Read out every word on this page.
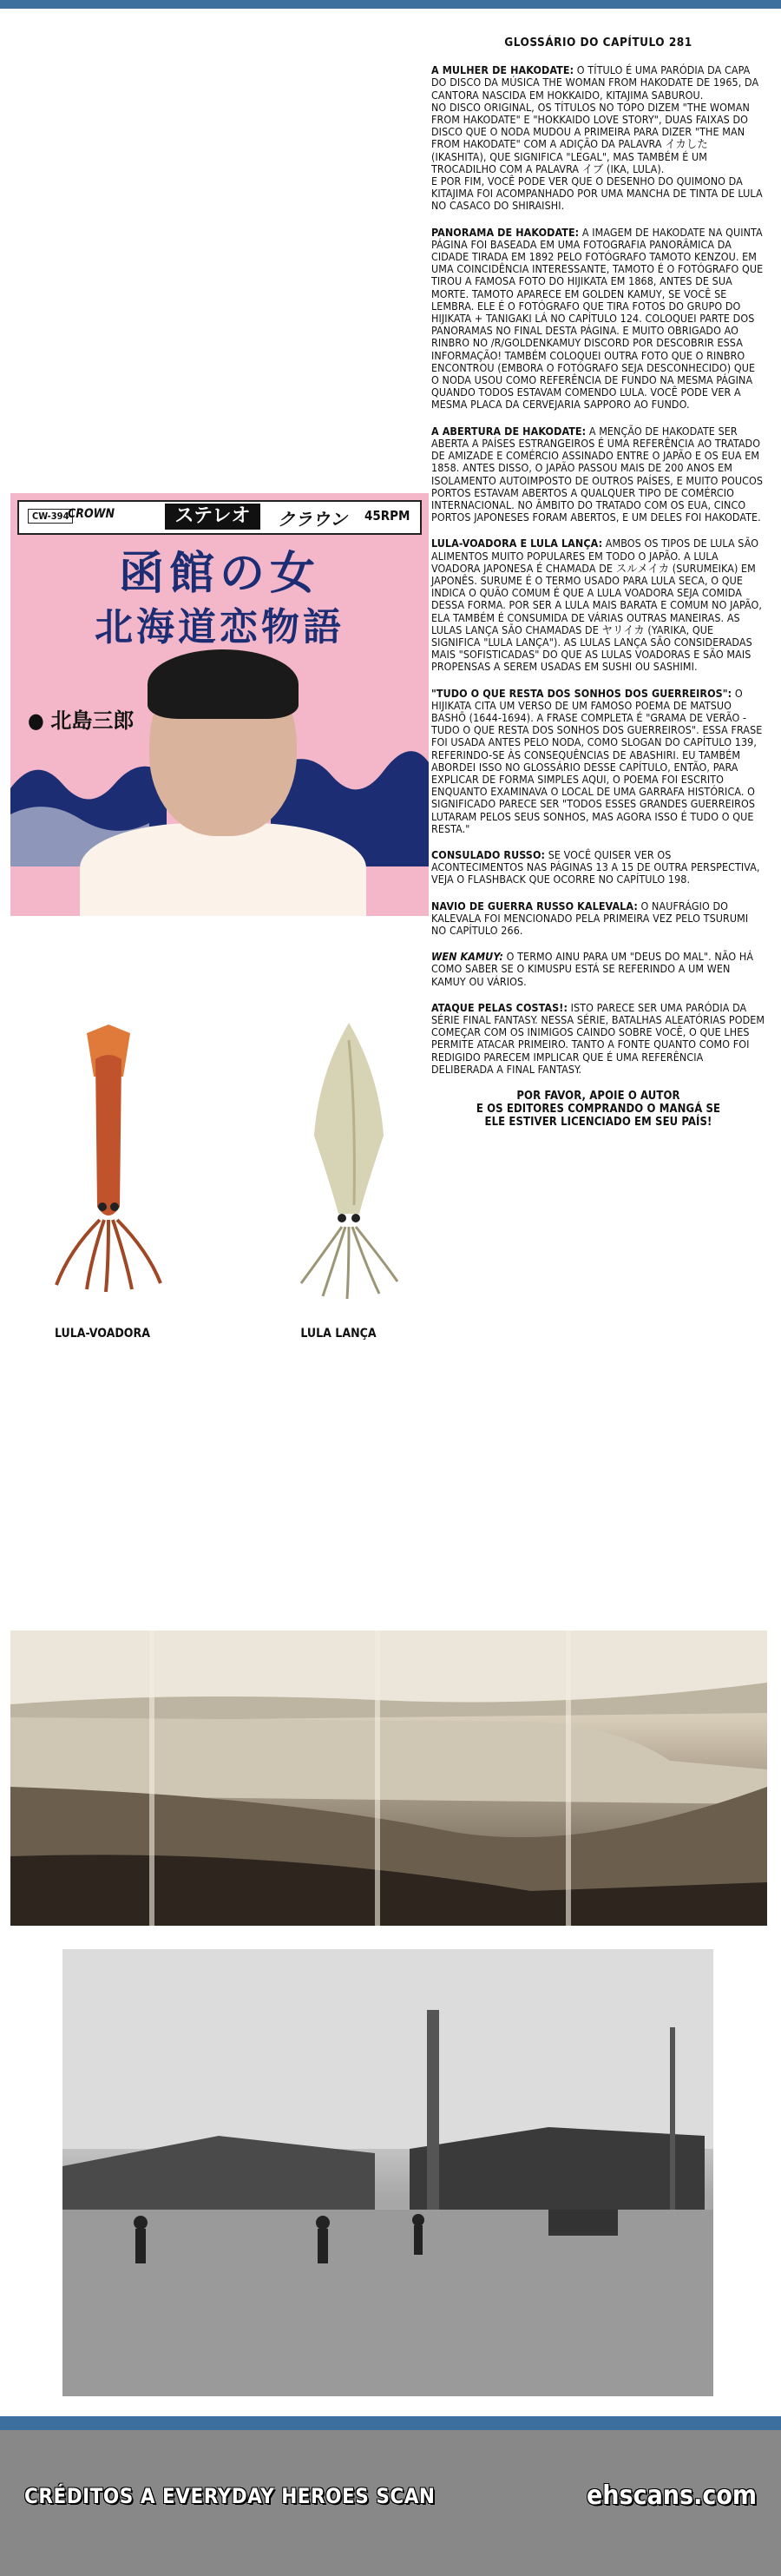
GLOSSÁRIO DO CAPÍTULO 281

A MULHER DE HAKODATE: O TÍTULO É UMA PARÓDIA DA CAPA DO DISCO DA MÚSICA THE WOMAN FROM HAKODATE DE 1965, DA CANTORA NASCIDA EM HOKKAIDO, KITAJIMA SABUROU.

NO DISCO ORIGINAL, OS TÍTULOS NO TOPO DIZEM "THE WOMAN FROM HAKODATE" E "HOKKAIDO LOVE STORY", DUAS FAIXAS DO DISCO QUE O NODA MUDOU A PRIMEIRA PARA DIZER "THE MAN FROM HAKODATE" COM A ADIÇÃO DA PALAVRA イカした (IKASHITA), QUE SIGNIFICA "LEGAL", MAS TAMBÉM É UM TROCADILHO COM A PALAVRA イブ (IKA, LULA).

E POR FIM, VOCÊ PODE VER QUE O DESENHO DO QUIMONO DA KITAJIMA FOI ACOMPANHADO POR UMA MANCHA DE TINTA DE LULA NO CASACO DO SHIRAISHI.

PANORAMA DE HAKODATE: A IMAGEM DE HAKODATE NA QUINTA PÁGINA FOI BASEADA EM UMA FOTOGRAFIA PANORÂMICA DA CIDADE TIRADA EM 1892 PELO FOTÓGRAFO TAMOTO KENZOU. EM UMA COINCIDÊNCIA INTERESSANTE, TAMOTO É O FOTÓGRAFO QUE TIROU A FAMOSA FOTO DO HIJIKATA EM 1868, ANTES DE SUA MORTE. TAMOTO APARECE EM GOLDEN KAMUY, SE VOCÊ SE LEMBRA. ELE É O FOTÓGRAFO QUE TIRA FOTOS DO GRUPO DO HIJIKATA + TANIGAKI LÁ NO CAPÍTULO 124. COLOQUEI PARTE DOS PANORAMAS NO FINAL DESTA PÁGINA. E MUITO OBRIGADO AO RINBRO NO /R/GOLDENKAMUY DISCORD POR DESCOBRIR ESSA INFORMAÇÃO! TAMBÉM COLOQUEI OUTRA FOTO QUE O RINBRO ENCONTROU (EMBORA O FOTÓGRAFO SEJA DESCONHECIDO) QUE O NODA USOU COMO REFERÊNCIA DE FUNDO NA MESMA PÁGINA QUANDO TODOS ESTAVAM COMENDO LULA. VOCÊ PODE VER A MESMA PLACA DA CERVEJARIA SAPPORO AO FUNDO.

A ABERTURA DE HAKODATE: A MENÇÃO DE HAKODATE SER ABERTA A PAÍSES ESTRANGEIROS É UMA REFERÊNCIA AO TRATADO DE AMIZADE E COMÉRCIO ASSINADO ENTRE O JAPÃO E OS EUA EM 1858. ANTES DISSO, O JAPÃO PASSOU MAIS DE 200 ANOS EM ISOLAMENTO AUTOIMPOSTO DE OUTROS PAÍSES, E MUITO POUCOS PORTOS ESTAVAM ABERTOS A QUALQUER TIPO DE COMÉRCIO INTERNACIONAL. NO ÂMBITO DO TRATADO COM OS EUA, CINCO PORTOS JAPONESES FORAM ABERTOS, E UM DELES FOI HAKODATE.

LULA-VOADORA E LULA LANÇA: AMBOS OS TIPOS DE LULA SÃO ALIMENTOS MUITO POPULARES EM TODO O JAPÃO. A LULA VOADORA JAPONESA É CHAMADA DE スルメイカ (SURUMEIKA) EM JAPONÊS. SURUME É O TERMO USADO PARA LULA SECA, O QUE INDICA O QUÃO COMUM É QUE A LULA VOADORA SEJA COMIDA DESSA FORMA. POR SER A LULA MAIS BARATA E COMUM NO JAPÃO, ELA TAMBÉM É CONSUMIDA DE VÁRIAS OUTRAS MANEIRAS. AS LULAS LANÇA SÃO CHAMADAS DE ヤリイカ (YARIKA, QUE SIGNIFICA "LULA LANÇA"). AS LULAS LANÇA SÃO CONSIDERADAS MAIS "SOFISTICADAS" DO QUE AS LULAS VOADORAS E SÃO MAIS PROPENSAS A SEREM USADAS EM SUSHI OU SASHIMI.

"TUDO O QUE RESTA DOS SONHOS DOS GUERREIROS": O HIJIKATA CITA UM VERSO DE UM FAMOSO POEMA DE MATSUO BASHŌ (1644-1694). A FRASE COMPLETA É "GRAMA DE VERÃO - TUDO O QUE RESTA DOS SONHOS DOS GUERREIROS". ESSA FRASE FOI USADA ANTES PELO NODA, COMO SLOGAN DO CAPÍTULO 139, REFERINDO-SE ÀS CONSEQUÊNCIAS DE ABASHIRI. EU TAMBÉM ABORDEI ISSO NO GLOSSÁRIO DESSE CAPÍTULO, ENTÃO, PARA EXPLICAR DE FORMA SIMPLES AQUI, O POEMA FOI ESCRITO ENQUANTO EXAMINAVA O LOCAL DE UMA GARRAFA HISTÓRICA. O SIGNIFICADO PARECE SER "TODOS ESSES GRANDES GUERREIROS LUTARAM PELOS SEUS SONHOS, MAS AGORA ISSO É TUDO O QUE RESTA."

CONSULADO RUSSO: SE VOCÊ QUISER VER OS ACONTECIMENTOS NAS PÁGINAS 13 A 15 DE OUTRA PERSPECTIVA, VEJA O FLASHBACK QUE OCORRE NO CAPÍTULO 198.

NAVIO DE GUERRA RUSSO KALEVALA: O NAUFRÁGIO DO KALEVALA FOI MENCIONADO PELA PRIMEIRA VEZ PELO TSURUMI NO CAPÍTULO 266.

WEN KAMUY: O TERMO AINU PARA UM "DEUS DO MAL". NÃO HÁ COMO SABER SE O KIMUSPU ESTÁ SE REFERINDO A UM WEN KAMUY OU VÁRIOS.

ATAQUE PELAS COSTAS!: ISTO PARECE SER UMA PARÓDIA DA SÉRIE FINAL FANTASY. NESSA SÉRIE, BATALHAS ALEATÓRIAS PODEM COMEÇAR COM OS INIMIGOS CAINDO SOBRE VOCÊ, O QUE LHES PERMITE ATACAR PRIMEIRO. TANTO A FONTE QUANTO COMO FOI REDIGIDO PARECEM IMPLICAR QUE É UMA REFERÊNCIA DELIBERADA A FINAL FANTASY.

POR FAVOR, APOIE O AUTOR
E OS EDITORES COMPRANDO O MANGÁ SE
ELE ESTIVER LICENCIADO EM SEU PAÍS!
CW-394
CROWN	ステレオ	クラウン 45RPM
函館の女
北海道恋物語
● 北島三郎
LULA-VOADORA	LULA LANÇA
CRÉDITOS A EVERYDAY HEROES SCAN	ehscans.com
